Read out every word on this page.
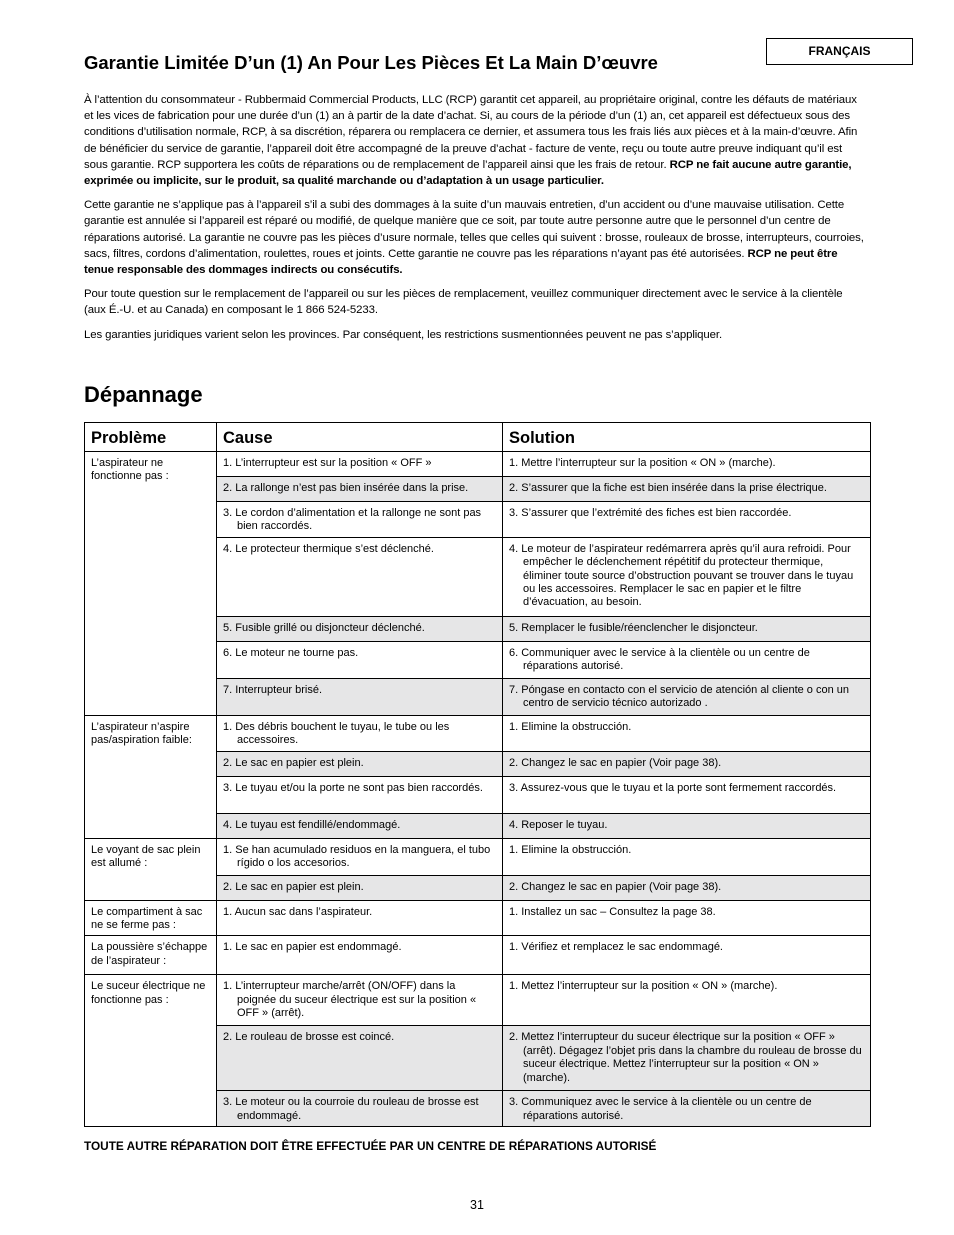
FRANÇAIS
Garantie Limitée D’un (1) An Pour Les Pièces Et La Main D’œuvre

À l’attention du consommateur - Rubbermaid Commercial Products, LLC (RCP) garantit cet appareil, au propriétaire original, contre les défauts de matériaux et les vices de fabrication pour une durée d’un (1) an à partir de la date d’achat. Si, au cours de la période d’un (1) an, cet appareil est défectueux sous des conditions d’utilisation normale, RCP, à sa discrétion, réparera ou remplacera ce dernier, et assumera tous les frais liés aux pièces et à la main-d’œuvre. Afin de bénéficier du service de garantie, l’appareil doit être accompagné de la preuve d’achat - facture de vente, reçu ou toute autre preuve indiquant qu’il est sous garantie. RCP supportera les coûts de réparations ou de remplacement de l’appareil ainsi que les frais de retour. RCP ne fait aucune autre garantie, exprimée ou implicite, sur le produit, sa qualité marchande ou d’adaptation à un usage particulier.

Cette garantie ne s’applique pas à l’appareil s’il a subi des dommages à la suite d’un mauvais entretien, d’un accident ou d’une mauvaise utilisation. Cette garantie est annulée si l’appareil est réparé ou modifié, de quelque manière que ce soit, par toute autre personne autre que le personnel d’un centre de réparations autorisé. La garantie ne couvre pas les pièces d’usure normale, telles que celles qui suivent : brosse, rouleaux de brosse, interrupteurs, courroies, sacs, filtres, cordons d’alimentation, roulettes, roues et joints. Cette garantie ne couvre pas les réparations n’ayant pas été autorisées. RCP ne peut être tenue responsable des dommages indirects ou consécutifs.

Pour toute question sur le remplacement de l’appareil ou sur les pièces de remplacement, veuillez communiquer directement avec le service à la clientèle (aux É.-U. et au Canada) en composant le 1 866 524-5233.

Les garanties juridiques varient selon les provinces. Par conséquent, les restrictions susmentionnées peuvent ne pas s’appliquer.

Dépannage
Problème	Cause	Solution
L’aspirateur ne fonctionne pas :	1. L’interrupteur est sur la position « OFF »	1. Mettre l’interrupteur sur la position « ON » (marche).

	2. La rallonge n’est pas bien insérée dans la prise.	2. S’assurer que la fiche est bien insérée dans la prise électrique.

	3. Le cordon d’alimentation et la rallonge ne sont pas bien raccordés.	3. S’assurer que l’extrémité des fiches est bien raccordée.

	4. Le protecteur thermique s’est déclenché.	4. Le moteur de l’aspirateur redémarrera après qu’il aura refroidi. Pour empêcher le déclenchement répétitif du protecteur thermique, éliminer toute source d’obstruction pouvant se trouver dans le tuyau ou les accessoires. Remplacer le sac en papier et le filtre d’évacuation, au besoin.

	5. Fusible grillé ou disjoncteur déclenché.	5. Remplacer le fusible/réenclencher le disjoncteur.

	6. Le moteur ne tourne pas.	6. Communiquer avec le service à la clientèle ou un centre de réparations autorisé.

	7. Interrupteur brisé.	7. Póngase en contacto con el servicio de atención al cliente o con un centro de servicio técnico autorizado .

L’aspirateur n’aspire pas/aspiration faible:	1. Des débris bouchent le tuyau, le tube ou les accessoires.	1. Elimine la obstrucción.

	2. Le sac en papier est plein.	2. Changez le sac en papier (Voir page 38).

	3. Le tuyau et/ou la porte ne sont pas bien raccordés.	3. Assurez-vous que le tuyau et la porte sont fermement raccordés.

	4. Le tuyau est fendillé/endommagé.	4. Reposer le tuyau.

Le voyant de sac plein est allumé :	1. Se han acumulado residuos en la manguera, el tubo rígido o los accesorios.	1. Elimine la obstrucción.

	2. Le sac en papier est plein.	2. Changez le sac en papier (Voir page 38).

Le compartiment à sac ne se ferme pas :	1. Aucun sac dans l’aspirateur.	1. Installez un sac – Consultez la page 38.

La poussière s’échappe de l’aspirateur :	1. Le sac en papier est endommagé.	1. Vérifiez et remplacez le sac endommagé.

Le suceur électrique ne fonctionne pas :	1. L’interrupteur marche/arrêt (ON/OFF) dans la poignée du suceur électrique est sur la position « OFF » (arrêt).	1. Mettez l’interrupteur sur la position « ON » (marche).

	2. Le rouleau de brosse est coincé.	2. Mettez l’interrupteur du suceur électrique sur la position « OFF » (arrêt). Dégagez l’objet pris dans la chambre du rouleau de brosse du suceur électrique. Mettez l’interrupteur sur la position « ON » (marche).

	3. Le moteur ou la courroie du rouleau de brosse est endommagé.	3. Communiquez avec le service à la clientèle ou un centre de réparations autorisé.

TOUTE AUTRE RÉPARATION DOIT ÊTRE EFFECTUÉE PAR UN CENTRE DE RÉPARATIONS AUTORISÉ

31
